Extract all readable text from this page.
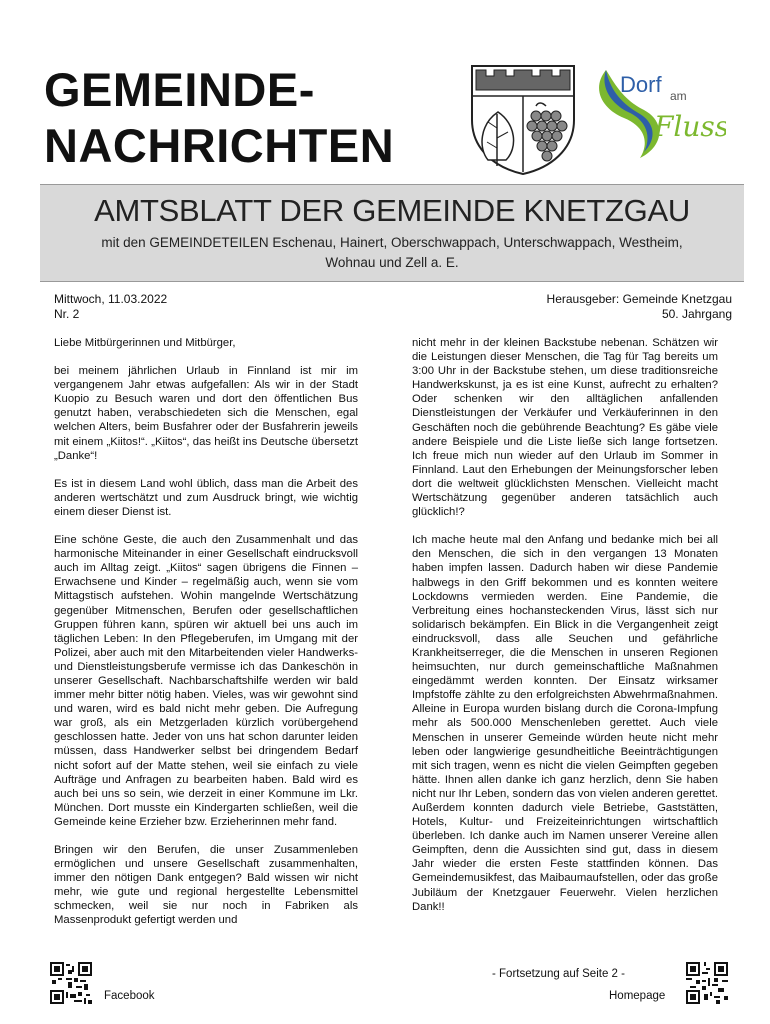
GEMEINDE-
NACHRICHTEN
Dorf am
Fluss
AMTSBLATT DER GEMEINDE KNETZGAU
mit den GEMEINDETEILEN Eschenau, Hainert, Oberschwappach, Unterschwappach, Westheim, Wohnau und Zell a. E.
Mittwoch, 11.03.2022
Nr. 2
Herausgeber: Gemeinde Knetzgau
50. Jahrgang

Liebe Mitbürgerinnen und Mitbürger,

bei meinem jährlichen Urlaub in Finnland ist mir im vergangenem Jahr etwas aufgefallen: Als wir in der Stadt Kuopio zu Besuch waren und dort den öffentlichen Bus genutzt haben, verabschiedeten sich die Menschen, egal welchen Alters, beim Busfahrer oder der Busfahrerin jeweils mit einem „Kiitos!“. „Kiitos“, das heißt ins Deutsche übersetzt „Danke“!

Es ist in diesem Land wohl üblich, dass man die Arbeit des anderen wertschätzt und zum Ausdruck bringt, wie wichtig einem dieser Dienst ist.

Eine schöne Geste, die auch den Zusammenhalt und das harmonische Miteinander in einer Gesellschaft eindrucksvoll auch im Alltag zeigt. „Kiitos“ sagen übrigens die Finnen – Erwachsene und Kinder – regelmäßig auch, wenn sie vom Mittagstisch aufstehen. Wohin mangelnde Wertschätzung gegenüber Mitmenschen, Berufen oder gesellschaftlichen Gruppen führen kann, spüren wir aktuell bei uns auch im täglichen Leben: In den Pflegeberufen, im Umgang mit der Polizei, aber auch mit den Mitarbeitenden vieler Handwerks- und Dienstleistungsberufe vermisse ich das Dankeschön in unserer Gesellschaft. Nachbarschaftshilfe werden wir bald immer mehr bitter nötig haben. Vieles, was wir gewohnt sind und waren, wird es bald nicht mehr geben. Die Aufregung war groß, als ein Metzgerladen kürzlich vorübergehend geschlossen hatte. Jeder von uns hat schon darunter leiden müssen, dass Handwerker selbst bei dringendem Bedarf nicht sofort auf der Matte stehen, weil sie einfach zu viele Aufträge und Anfragen zu bearbeiten haben. Bald wird es auch bei uns so sein, wie derzeit in einer Kommune im Lkr. München. Dort musste ein Kindergarten schließen, weil die Gemeinde keine Erzieher bzw. Erzieherinnen mehr fand.

Bringen wir den Berufen, die unser Zusammenleben ermöglichen und unsere Gesellschaft zusammenhalten, immer den nötigen Dank entgegen? Bald wissen wir nicht mehr, wie gute und regional hergestellte Lebensmittel schmecken, weil sie nur noch in Fabriken als Massenprodukt gefertigt werden und

nicht mehr in der kleinen Backstube nebenan. Schätzen wir die Leistungen dieser Menschen, die Tag für Tag bereits um 3:00 Uhr in der Backstube stehen, um diese traditionsreiche Handwerkskunst, ja es ist eine Kunst, aufrecht zu erhalten? Oder schenken wir den alltäglichen anfallenden Dienstleistungen der Verkäufer und Verkäuferinnen in den Geschäften noch die gebührende Beachtung? Es gäbe viele andere Beispiele und die Liste ließe sich lange fortsetzen. Ich freue mich nun wieder auf den Urlaub im Sommer in Finnland. Laut den Erhebungen der Meinungsforscher leben dort die weltweit glücklichsten Menschen. Vielleicht macht Wertschätzung gegenüber anderen tatsächlich auch glücklich!?

Ich mache heute mal den Anfang und bedanke mich bei all den Menschen, die sich in den vergangen 13 Monaten haben impfen lassen. Dadurch haben wir diese Pandemie halbwegs in den Griff bekommen und es konnten weitere Lockdowns vermieden werden. Eine Pandemie, die Verbreitung eines hochansteckenden Virus, lässt sich nur solidarisch bekämpfen. Ein Blick in die Vergangenheit zeigt eindrucksvoll, dass alle Seuchen und gefährliche Krankheitserreger, die die Menschen in unseren Regionen heimsuchten, nur durch gemeinschaftliche Maßnahmen eingedämmt werden konnten. Der Einsatz wirksamer Impfstoffe zählte zu den erfolgreichsten Abwehrmaßnahmen. Alleine in Europa wurden bislang durch die Corona-Impfung mehr als 500.000 Menschenleben gerettet. Auch viele Menschen in unserer Gemeinde würden heute nicht mehr leben oder langwierige gesundheitliche Beeinträchtigungen mit sich tragen, wenn es nicht die vielen Geimpften gegeben hätte. Ihnen allen danke ich ganz herzlich, denn Sie haben nicht nur Ihr Leben, sondern das von vielen anderen gerettet. Außerdem konnten dadurch viele Betriebe, Gaststätten, Hotels, Kultur- und Freizeiteinrichtungen wirtschaftlich überleben. Ich danke auch im Namen unserer Vereine allen Geimpften, denn die Aussichten sind gut, dass in diesem Jahr wieder die ersten Feste stattfinden können. Das Gemeindemusikfest, das Maibaumaufstellen, oder das große Jubiläum der Knetzgauer Feuerwehr. Vielen herzlichen Dank!!

Facebook
- Fortsetzung auf Seite 2 -
Homepage
